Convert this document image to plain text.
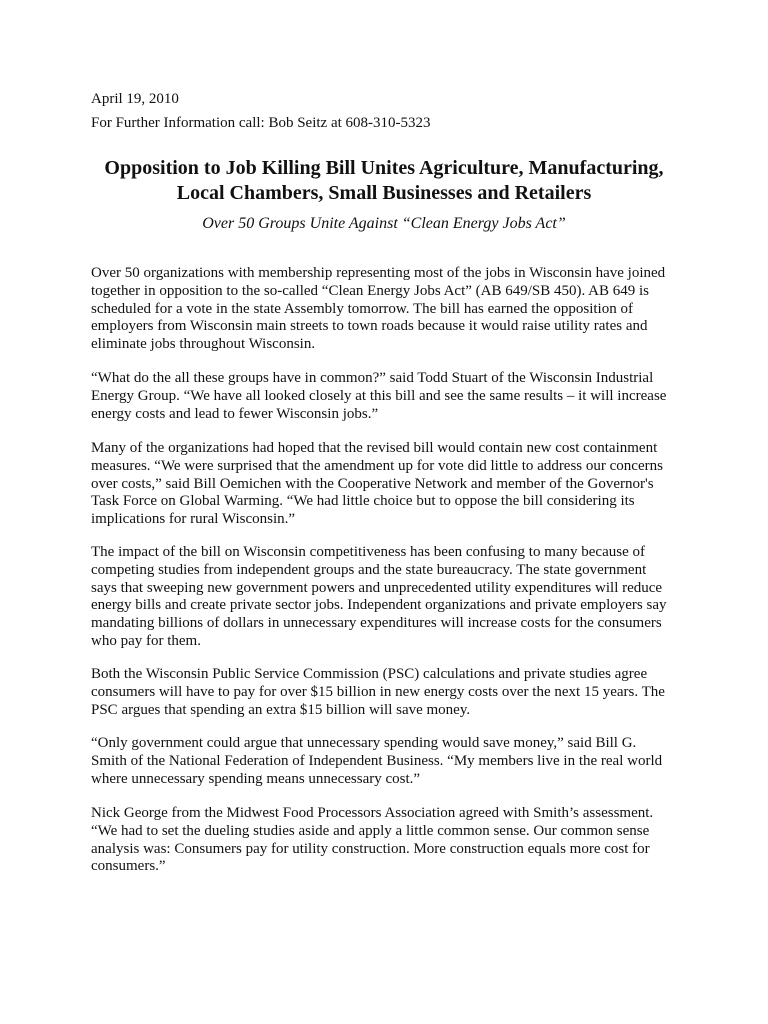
April 19, 2010
For Further Information call: Bob Seitz at 608-310-5323
Opposition to Job Killing Bill Unites Agriculture, Manufacturing,
Local Chambers, Small Businesses and Retailers

Over 50 Groups Unite Against “Clean Energy Jobs Act”

Over 50 organizations with membership representing most of the jobs in Wisconsin have joined
together in opposition to the so-called “Clean Energy Jobs Act” (AB 649/SB 450). AB 649 is
scheduled for a vote in the state Assembly tomorrow. The bill has earned the opposition of
employers from Wisconsin main streets to town roads because it would raise utility rates and
eliminate jobs throughout Wisconsin.
“What do the all these groups have in common?” said Todd Stuart of the Wisconsin Industrial
Energy Group. “We have all looked closely at this bill and see the same results – it will increase
energy costs and lead to fewer Wisconsin jobs.”
Many of the organizations had hoped that the revised bill would contain new cost containment
measures. “We were surprised that the amendment up for vote did little to address our concerns
over costs,” said Bill Oemichen with the Cooperative Network and member of the Governor's
Task Force on Global Warming. “We had little choice but to oppose the bill considering its
implications for rural Wisconsin.”
The impact of the bill on Wisconsin competitiveness has been confusing to many because of
competing studies from independent groups and the state bureaucracy. The state government
says that sweeping new government powers and unprecedented utility expenditures will reduce
energy bills and create private sector jobs. Independent organizations and private employers say
mandating billions of dollars in unnecessary expenditures will increase costs for the consumers
who pay for them.
Both the Wisconsin Public Service Commission (PSC) calculations and private studies agree
consumers will have to pay for over $15 billion in new energy costs over the next 15 years. The
PSC argues that spending an extra $15 billion will save money.
“Only government could argue that unnecessary spending would save money,” said Bill G.
Smith of the National Federation of Independent Business. “My members live in the real world
where unnecessary spending means unnecessary cost.”
Nick George from the Midwest Food Processors Association agreed with Smith’s assessment.
“We had to set the dueling studies aside and apply a little common sense. Our common sense
analysis was: Consumers pay for utility construction. More construction equals more cost for
consumers.”
